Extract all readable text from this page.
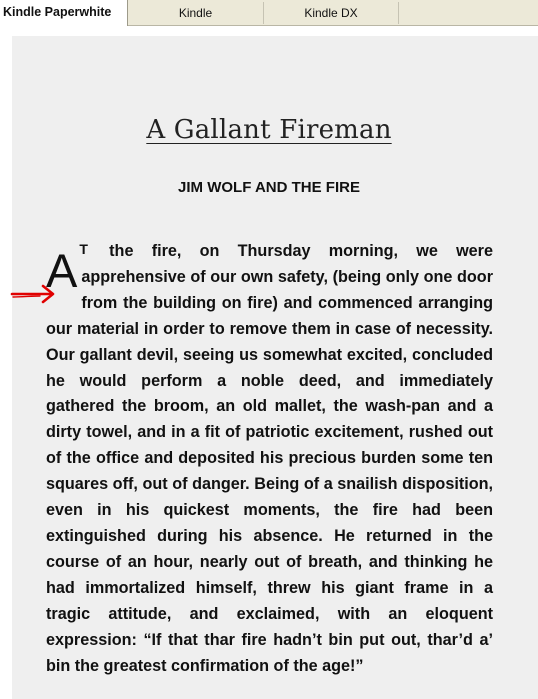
Kindle Paperwhite	Kindle	Kindle DX
A Gallant Fireman
JIM WOLF AND THE FIRE

A T the fire, on Thursday morning, we were apprehensive of our own safety, (being only one door from the building on fire) and commenced arranging our material in order to remove them in case of necessity. Our gallant devil, seeing us somewhat excited, concluded he would perform a noble deed, and immediately gathered the broom, an old mallet, the wash-pan and a dirty towel, and in a fit of patriotic excitement, rushed out of the office and deposited his precious burden some ten squares off, out of danger. Being of a snailish disposition, even in his quickest moments, the fire had been extinguished during his absence. He returned in the course of an hour, nearly out of breath, and thinking he had immortalized himself, threw his giant frame in a tragic attitude, and exclaimed, with an eloquent expression: “If that thar fire hadn’t bin put out, thar’d a’ bin the greatest confirmation of the age!”
